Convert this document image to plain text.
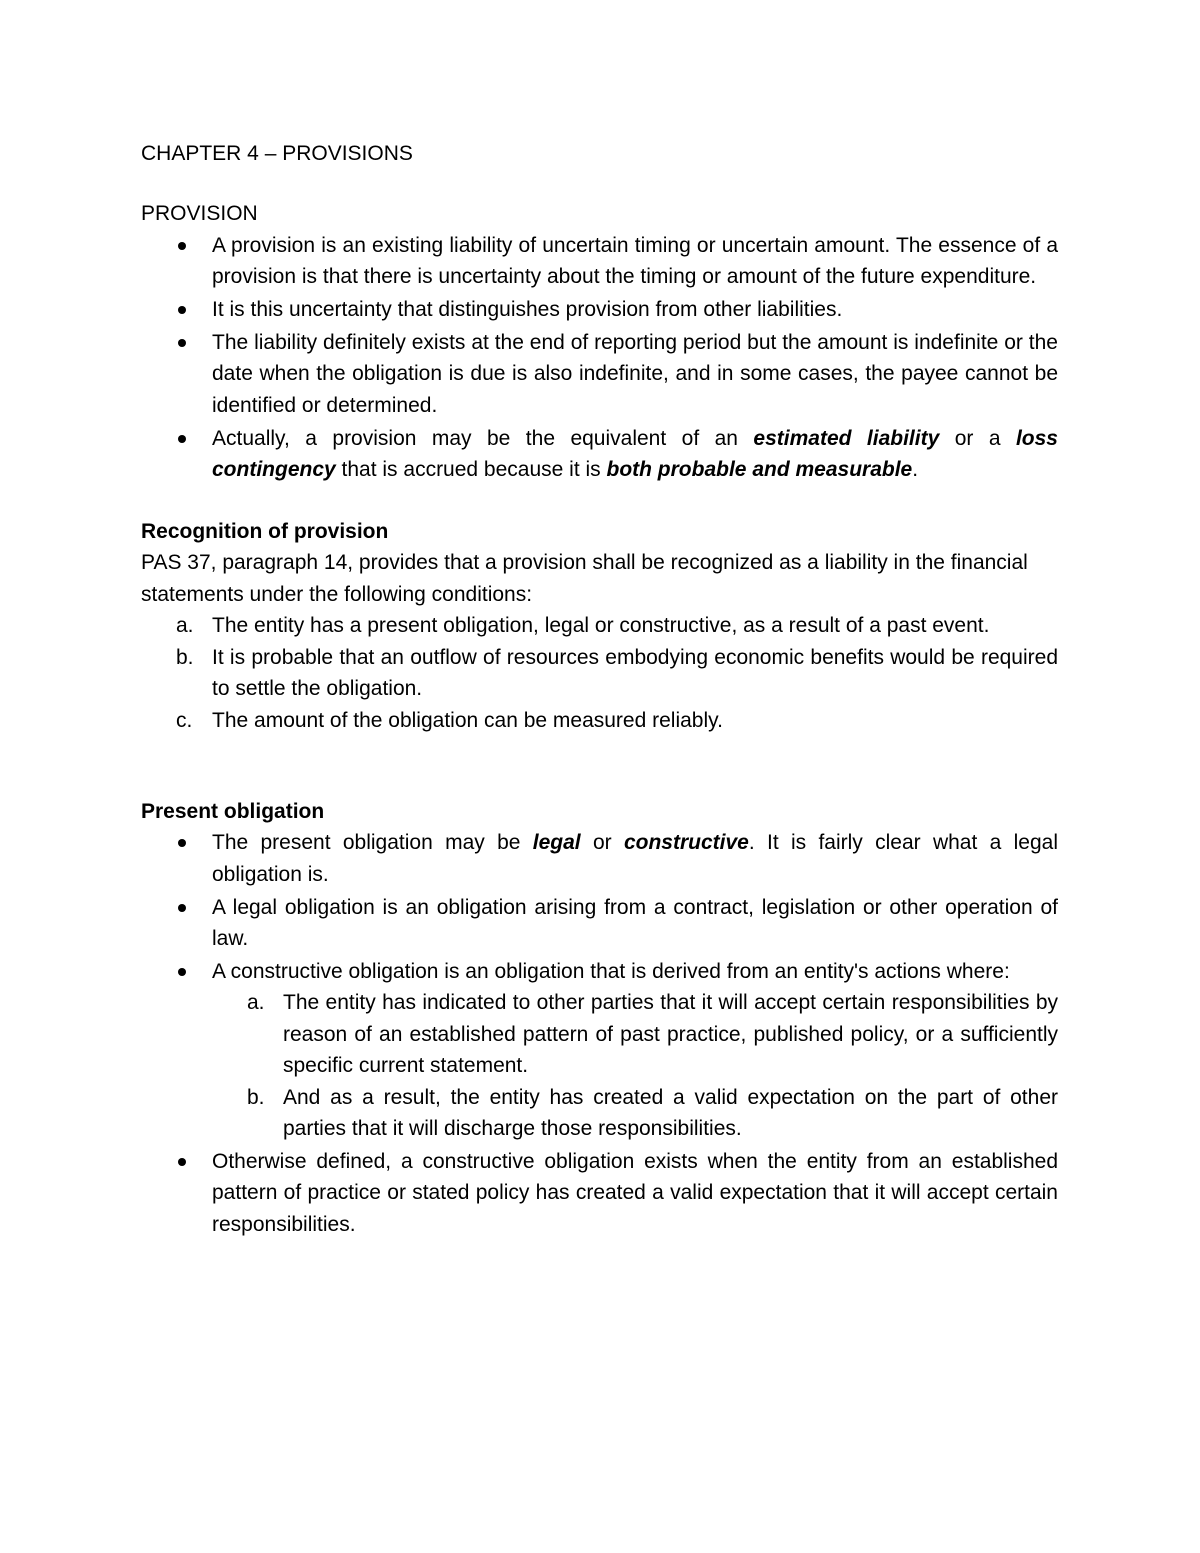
CHAPTER 4 – PROVISIONS
PROVISION
A provision is an existing liability of uncertain timing or uncertain amount. The essence of a provision is that there is uncertainty about the timing or amount of the future expenditure.
It is this uncertainty that distinguishes provision from other liabilities.
The liability definitely exists at the end of reporting period but the amount is indefinite or the date when the obligation is due is also indefinite, and in some cases, the payee cannot be identified or determined.
Actually, a provision may be the equivalent of an estimated liability or a loss contingency that is accrued because it is both probable and measurable.
Recognition of provision

PAS 37, paragraph 14, provides that a provision shall be recognized as a liability in the financial statements under the following conditions:

a. The entity has a present obligation, legal or constructive, as a result of a past event.
b. It is probable that an outflow of resources embodying economic benefits would be required to settle the obligation.
c. The amount of the obligation can be measured reliably.
Present obligation
The present obligation may be legal or constructive. It is fairly clear what a legal obligation is.
A legal obligation is an obligation arising from a contract, legislation or other operation of law.
A constructive obligation is an obligation that is derived from an entity's actions where:
a. The entity has indicated to other parties that it will accept certain responsibilities by reason of an established pattern of past practice, published policy, or a sufficiently specific current statement.
b. And as a result, the entity has created a valid expectation on the part of other parties that it will discharge those responsibilities.
Otherwise defined, a constructive obligation exists when the entity from an established pattern of practice or stated policy has created a valid expectation that it will accept certain responsibilities.
